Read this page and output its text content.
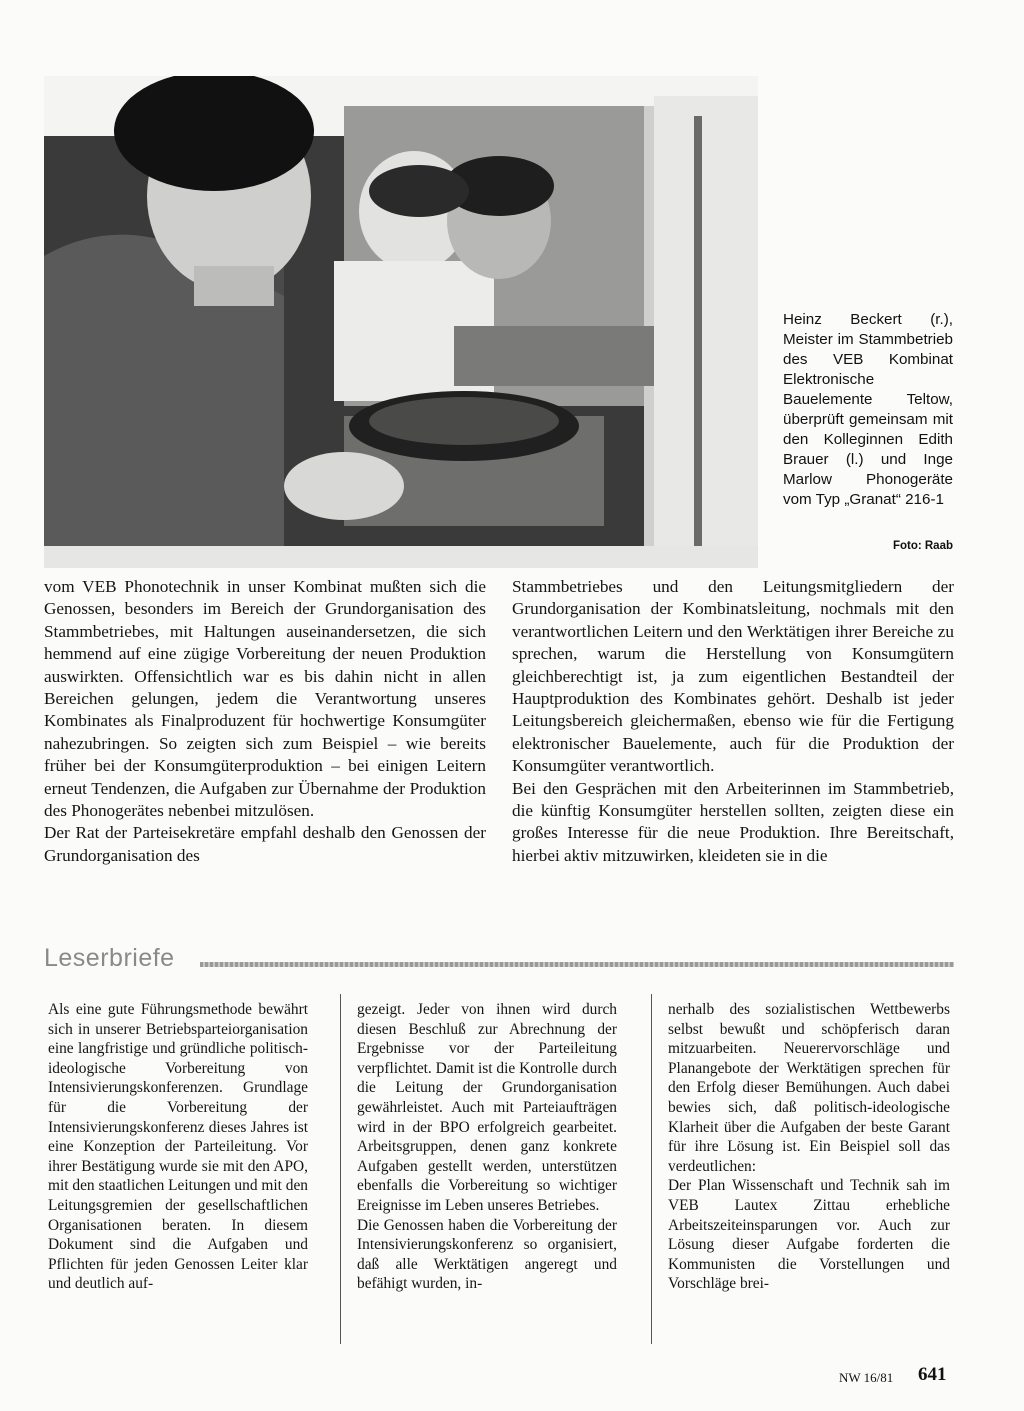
Heinz Beckert (r.), Meister im Stammbetrieb des VEB Kombinat Elektronische Bauelemente Teltow, überprüft gemeinsam mit den Kolleginnen Edith Brauer (l.) und Inge Marlow Phonogeräte vom Typ „Granat“ 216-1
Foto: Raab

vom VEB Phonotechnik in unser Kombinat mußten sich die Genossen, besonders im Bereich der Grundorganisation des Stammbetriebes, mit Haltungen auseinandersetzen, die sich hemmend auf eine zügige Vorbereitung der neuen Produktion auswirkten. Offensichtlich war es bis dahin nicht in allen Bereichen gelungen, jedem die Verantwortung unseres Kombinates als Finalproduzent für hochwertige Konsumgüter nahezubringen. So zeigten sich zum Beispiel – wie bereits früher bei der Konsumgüterproduktion – bei einigen Leitern erneut Tendenzen, die Aufgaben zur Übernahme der Produktion des Phonogerätes nebenbei mitzulösen.

Der Rat der Parteisekretäre empfahl deshalb den Genossen der Grundorganisation des

Stammbetriebes und den Leitungsmitgliedern der Grundorganisation der Kombinatsleitung, nochmals mit den verantwortlichen Leitern und den Werktätigen ihrer Bereiche zu sprechen, warum die Herstellung von Konsumgütern gleichberechtigt ist, ja zum eigentlichen Bestandteil der Hauptproduktion des Kombinates gehört. Deshalb ist jeder Leitungsbereich gleichermaßen, ebenso wie für die Fertigung elektronischer Bauelemente, auch für die Produktion der Konsumgüter verantwortlich.

Bei den Gesprächen mit den Arbeiterinnen im Stammbetrieb, die künftig Konsumgüter herstellen sollten, zeigten diese ein großes Interesse für die neue Produktion. Ihre Bereitschaft, hierbei aktiv mitzuwirken, kleideten sie in die

Leserbriefe

Als eine gute Führungsmethode bewährt sich in unserer Betriebsparteiorganisation eine langfristige und gründliche politisch-ideologische Vorbereitung von Intensivierungskonferenzen. Grundlage für die Vorbereitung der Intensivierungskonferenz dieses Jahres ist eine Konzeption der Parteileitung. Vor ihrer Bestätigung wurde sie mit den APO, mit den staatlichen Leitungen und mit den Leitungsgremien der gesellschaftlichen Organisationen beraten. In diesem Dokument sind die Aufgaben und Pflichten für jeden Genossen Leiter klar und deutlich auf-

gezeigt. Jeder von ihnen wird durch diesen Beschluß zur Abrechnung der Ergebnisse vor der Parteileitung verpflichtet. Damit ist die Kontrolle durch die Leitung der Grundorganisation gewährleistet. Auch mit Parteiaufträgen wird in der BPO erfolgreich gearbeitet. Arbeitsgruppen, denen ganz konkrete Aufgaben gestellt werden, unterstützen ebenfalls die Vorbereitung so wichtiger Ereignisse im Leben unseres Betriebes.

Die Genossen haben die Vorbereitung der Intensivierungskonferenz so organisiert, daß alle Werktätigen angeregt und befähigt wurden, in-

nerhalb des sozialistischen Wettbewerbs selbst bewußt und schöpferisch daran mitzuarbeiten. Neuerervorschläge und Planangebote der Werktätigen sprechen für den Erfolg dieser Bemühungen. Auch dabei bewies sich, daß politisch-ideologische Klarheit über die Aufgaben der beste Garant für ihre Lösung ist. Ein Beispiel soll das verdeutlichen:

Der Plan Wissenschaft und Technik sah im VEB Lautex Zittau erhebliche Arbeitszeiteinsparungen vor. Auch zur Lösung dieser Aufgabe forderten die Kommunisten die Vorstellungen und Vorschläge brei-

NW 16/81 641
